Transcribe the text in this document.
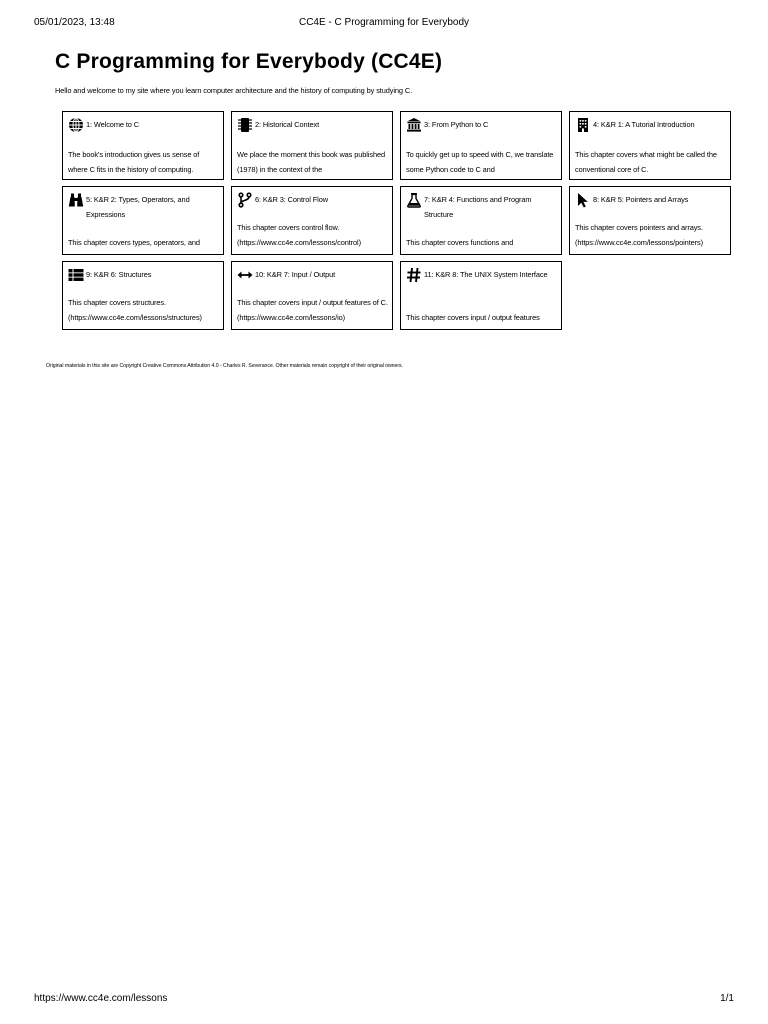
05/01/2023, 13:48	CC4E - C Programming for Everybody
C Programming for Everybody (CC4E)

Hello and welcome to my site where you learn computer architecture and the history of computing by studying C.

1: Welcome to C
The book's introduction gives us sense of where C fits in the history of computing.
2: Historical Context
We place the moment this book was published (1978) in the context of the
3: From Python to C
To quickly get up to speed with C, we translate some Python code to C and
4: K&R 1: A Tutorial Introduction
This chapter covers what might be called the conventional core of C.
5: K&R 2: Types, Operators, and Expressions
This chapter covers types, operators, and
6: K&R 3: Control Flow
This chapter covers control flow. (https://www.cc4e.com/lessons/control)
7: K&R 4: Functions and Program Structure
This chapter covers functions and
8: K&R 5: Pointers and Arrays
This chapter covers pointers and arrays. (https://www.cc4e.com/lessons/pointers)
9: K&R 6: Structures
This chapter covers structures. (https://www.cc4e.com/lessons/structures)
10: K&R 7: Input / Output
This chapter covers input / output features of C. (https://www.cc4e.com/lessons/io)
11: K&R 8: The UNIX System Interface
This chapter covers input / output features

Original materials in this site are Copyright Creative Commons Attribution 4.0 - Charles R. Severance. Other materials remain copyright of their original owners.

https://www.cc4e.com/lessons	1/1
